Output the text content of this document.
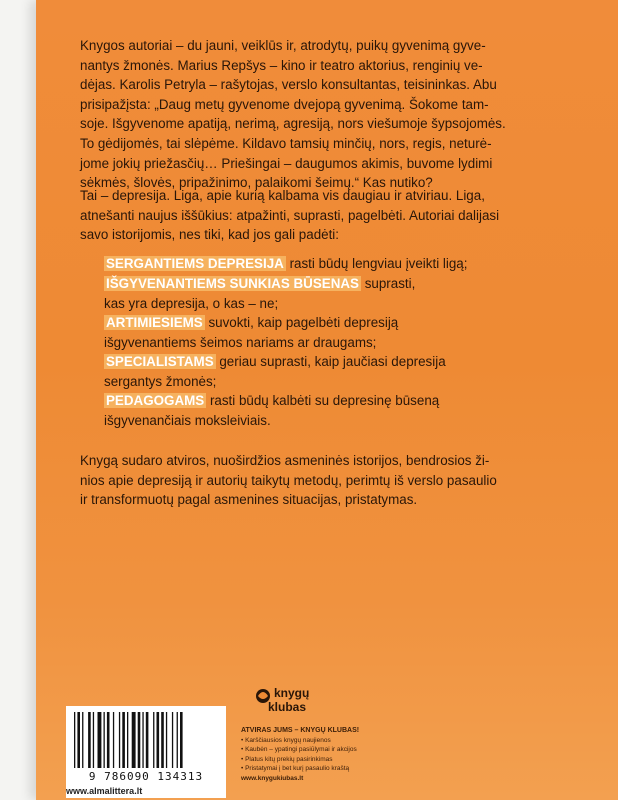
Knygos autoriai – du jauni, veiklūs ir, atrodytų, puikų gyvenimą gyve-
nantys žmonės. Marius Repšys – kino ir teatro aktorius, renginių ve-
dėjas. Karolis Petryla – rašytojas, verslo konsultantas, teisininkas. Abu
prisipažįsta: „Daug metų gyvenome dvejopą gyvenimą. Šokome tam-
soje. Išgyvenome apatiją, nerimą, agresiją, nors viešumoje šypsojomės.
To gėdijomės, tai slėpėme. Kildavo tamsių minčių, nors, regis, neturė-
jome jokių priežasčių… Priešingai – daugumos akimis, buvome lydimi
sėkmės, šlovės, pripažinimo, palaikomi šeimų.“ Kas nutiko?
Tai – depresija. Liga, apie kurią kalbama vis daugiau ir atviriau. Liga,
atnešanti naujus iššūkius: atpažinti, suprasti, pagelbėti. Autoriai dalijasi
savo istorijomis, nes tiki, kad jos gali padėti:
SERGANTIEMS DEPRESIJA rasti būdų lengviau įveikti ligą;
IŠGYVENANTIEMS SUNKIAS BŪSENAS suprasti,
kas yra depresija, o kas – ne;
ARTIMIESIEMS suvokti, kaip pagelbėti depresiją
išgyvenantiems šeimos nariams ar draugams;
SPECIALISTAMS geriau suprasti, kaip jaučiasi depresija
sergantys žmonės;
PEDAGOGAMS rasti būdų kalbėti su depresinę būseną
išgyvenančiais moksleiviais.
Knygą sudaro atviros, nuoširdžios asmeninės istorijos, bendrosios ži-
nios apie depresiją ir autorių taikytų metodų, perimtų iš verslo pasaulio
ir transformuotų pagal asmenines situacijas, pristatymas.
9 786090 134313
www.almalittera.lt
knygų
klubas
ATVIRAS JUMS – KNYGŲ KLUBAS!
• Karščiausios knygų naujienos
• Kaubėn – ypatingi pasiūlymai ir akcijos
• Platus kitų prekių pasirinkimas
• Pristatymai į bet kurį pasaulio kraštą
www.knygukiubas.lt
